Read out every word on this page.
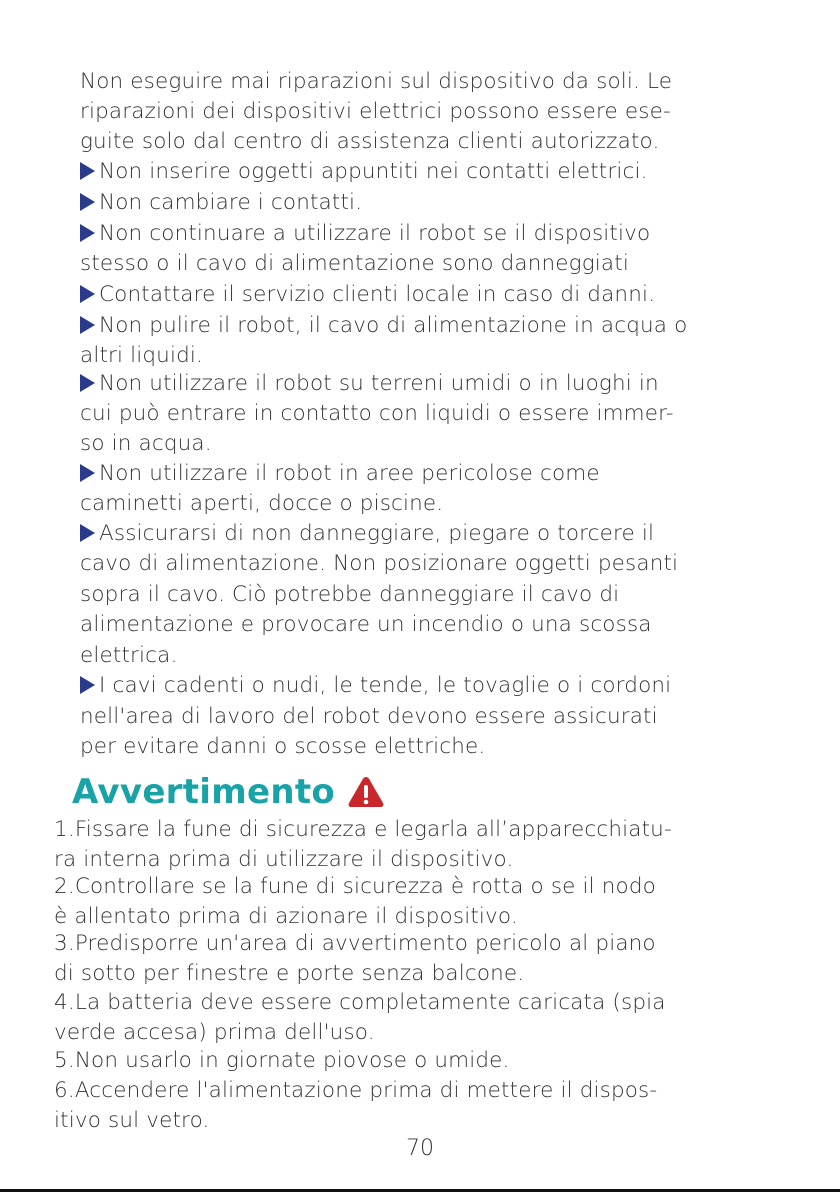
Non eseguire mai riparazioni sul dispositivo da soli. Le
riparazioni dei dispositivi elettrici possono essere ese-
guite solo dal centro di assistenza clienti autorizzato.
Non inserire oggetti appuntiti nei contatti elettrici.
Non cambiare i contatti.
Non continuare a utilizzare il robot se il dispositivo
stesso o il cavo di alimentazione sono danneggiati
Contattare il servizio clienti locale in caso di danni.
Non pulire il robot, il cavo di alimentazione in acqua o
altri liquidi.
Non utilizzare il robot su terreni umidi o in luoghi in
cui può entrare in contatto con liquidi o essere immer-
so in acqua.
Non utilizzare il robot in aree pericolose come
caminetti aperti, docce o piscine.
Assicurarsi di non danneggiare, piegare o torcere il
cavo di alimentazione. Non posizionare oggetti pesanti
sopra il cavo. Ciò potrebbe danneggiare il cavo di
alimentazione e provocare un incendio o una scossa
elettrica.
I cavi cadenti o nudi, le tende, le tovaglie o i cordoni
nell'area di lavoro del robot devono essere assicurati
per evitare danni o scosse elettriche.
Avvertimento
1.Fissare la fune di sicurezza e legarla all’apparecchiatu-
ra interna prima di utilizzare il dispositivo.
2.Controllare se la fune di sicurezza è rotta o se il nodo
è allentato prima di azionare il dispositivo.
3.Predisporre un'area di avvertimento pericolo al piano
di sotto per finestre e porte senza balcone.
4.La batteria deve essere completamente caricata (spia
verde accesa) prima dell'uso.
5.Non usarlo in giornate piovose o umide.
6.Accendere l'alimentazione prima di mettere il dispos-
itivo sul vetro.
70
